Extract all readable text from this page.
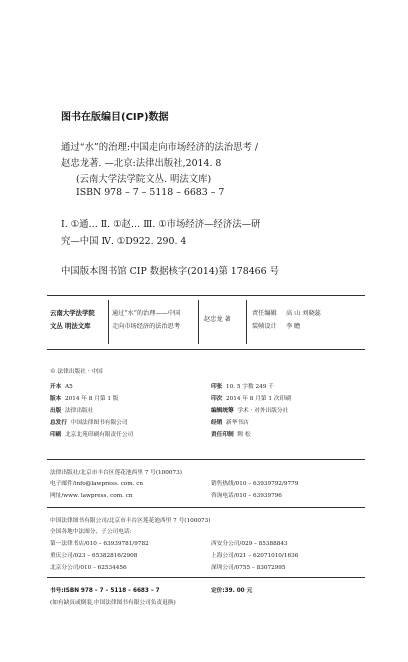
图书在版编目(CIP)数据
通过“水”的治理:中国走向市场经济的法治思考 /
赵忠龙著. —北京:法律出版社,2014. 8
(云南大学法学院文丛. 明法文库)
ISBN 978 – 7 – 5118 – 6683 – 7
Ⅰ. ①通… Ⅱ. ①赵… Ⅲ. ①市场经济—经济法—研
究—中国 Ⅳ. ①D922. 290. 4
中国版本图书馆 CIP 数据核字(2014)第 178466 号
云南大学法学院
文丛 明法文库
通过“水”的治理——中国
走向市场经济的法治思考
赵忠龙 著
责任编辑 高 山 刘晓蕊
装帧设计 李 瞻
© 法律出版社 · 中国
开本 A5
版本 2014 年 8 月第 1 版
出版 法律出版社
总发行 中国法律图书有限公司
印刷 北京北苑印刷有限责任公司
印张 10. 5 字数 249 千
印次 2014 年 8 月第 1 次印刷
编辑统筹 学术 · 对外出版分社
经销 新华书店
责任印制 陶 松
法律出版社/北京市丰台区莲花池西里 7 号(100073)
电子邮件/info@lawpress. com. cn
网址/www. lawpress. com. cn
销售热线/010 – 63939792/9779
咨询电话/010 – 63939796
中国法律图书有限公司/北京市丰台区莲花池西里 7 号(100073)
全国各地中法图分、子公司电话:
第一法律书店/010 – 63939781/9782
重庆公司/023 – 65382816/2908
北京分公司/010 – 62534456
西安分公司/029 – 85388843
上海公司/021 – 62071010/1636
深圳公司/0755 – 83072995
书号:ISBN 978 – 7 – 5118 – 6683 – 7	定价:39. 00 元
(如有缺页或倒装,中国法律图书有限公司负责退换)
